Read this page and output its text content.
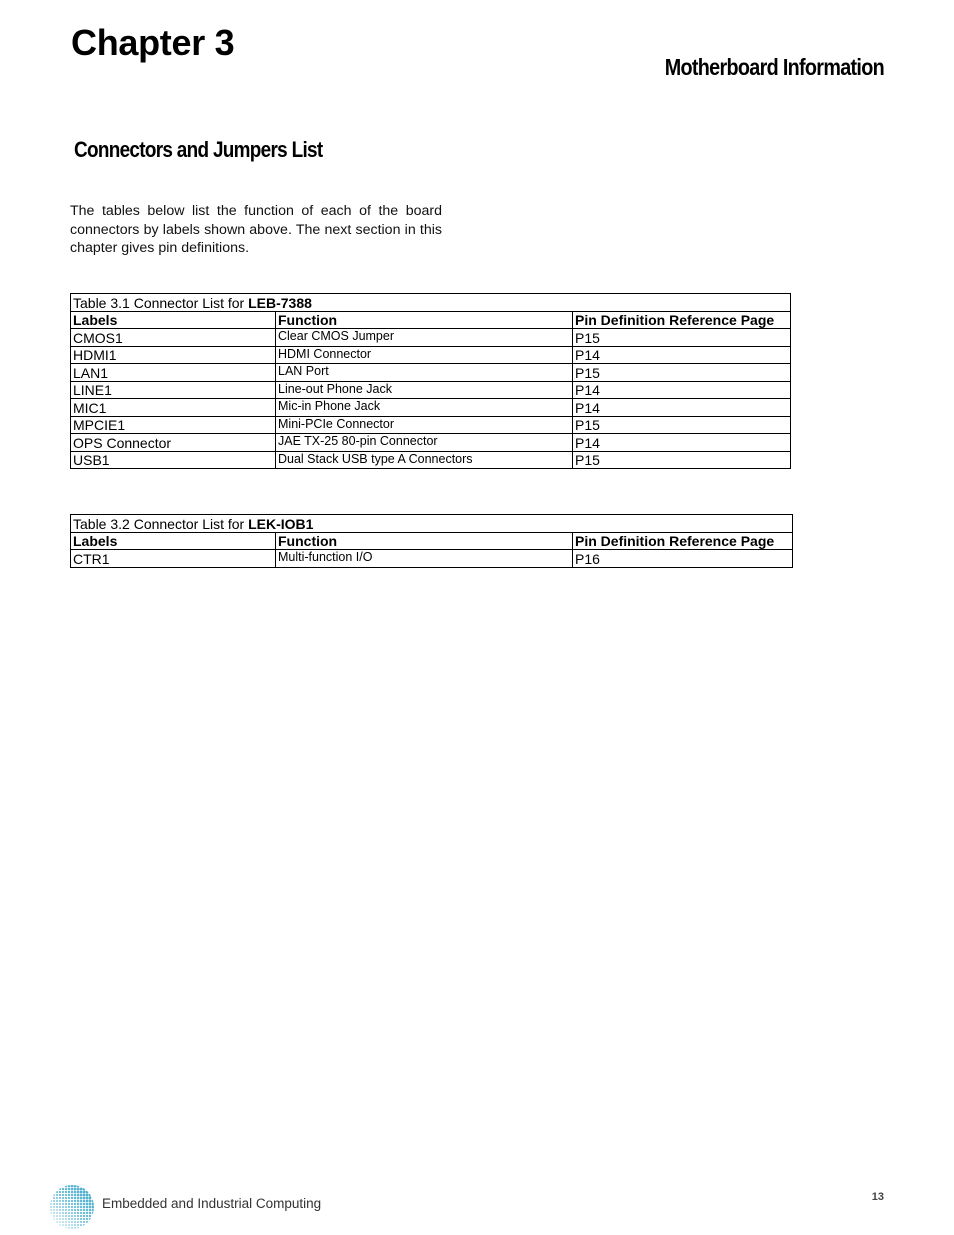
Chapter 3
Motherboard Information
Connectors and Jumpers List

The tables below list the function of each of the board connectors by labels shown above. The next section in this chapter gives pin definitions.

Table 3.1 Connector List for LEB-7388		
Labels	Function	Pin Definition Reference Page
CMOS1	Clear CMOS Jumper	P15
HDMI1	HDMI Connector	P14
LAN1	LAN Port	P15
LINE1	Line-out Phone Jack	P14
MIC1	Mic-in Phone Jack	P14
MPCIE1	Mini-PCIe Connector	P15
OPS Connector	JAE TX-25 80-pin Connector	P14
USB1	Dual Stack USB type A Connectors	P15
Table 3.2 Connector List for LEK-IOB1		
Labels	Function	Pin Definition Reference Page
CTR1	Multi-function I/O	P16
Embedded and Industrial Computing	13
